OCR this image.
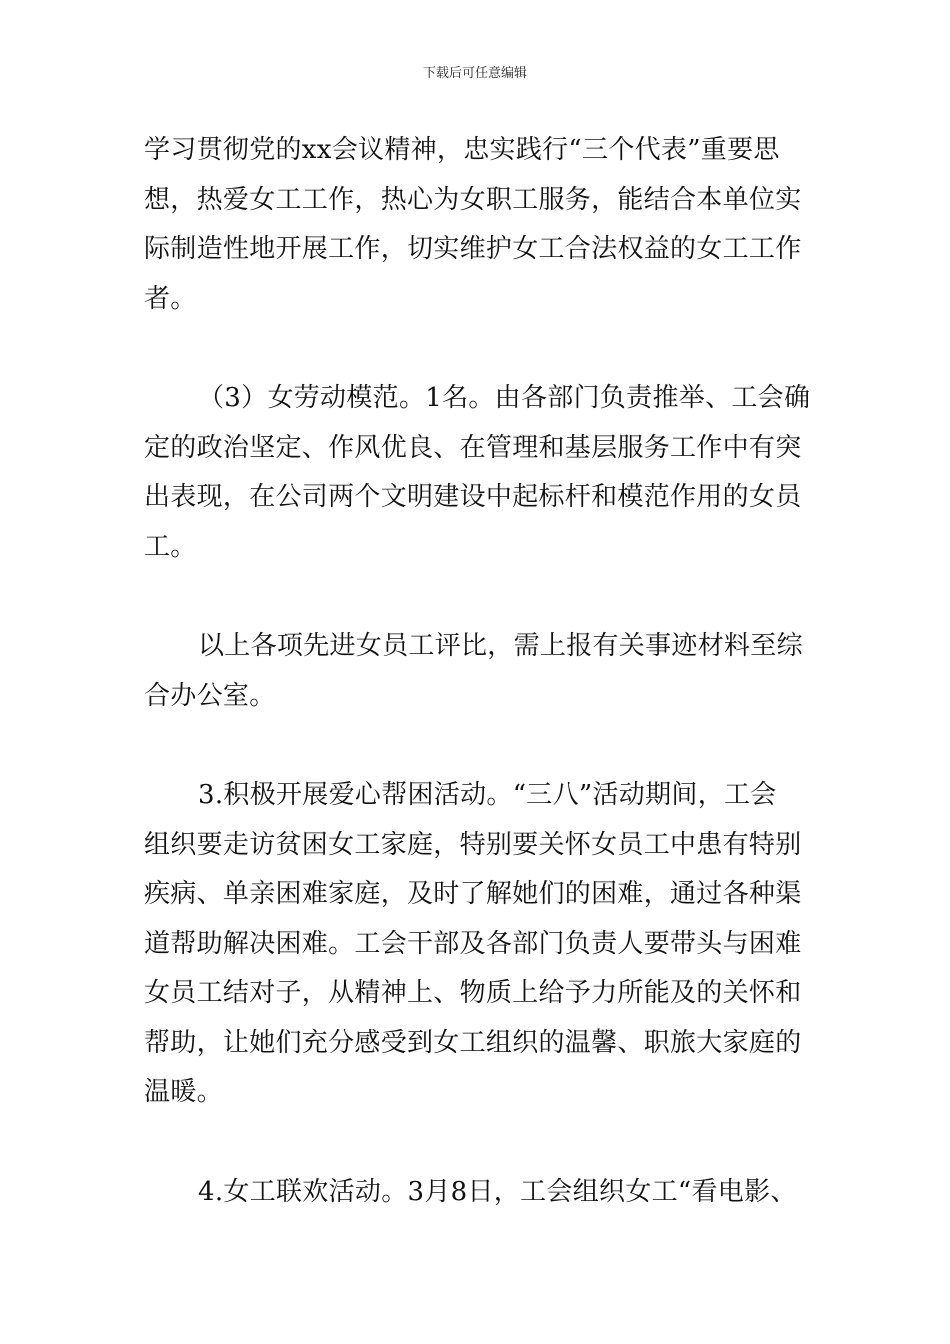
下载后可任意编辑
学习贯彻党的xx会议精神，忠实践行“三个代表”重要思
想，热爱女工工作，热心为女职工服务，能结合本单位实
际制造性地开展工作，切实维护女工合法权益的女工工作
者。
（3）女劳动模范。1名。由各部门负责推举、工会确
定的政治坚定、作风优良、在管理和基层服务工作中有突
出表现，在公司两个文明建设中起标杆和模范作用的女员
工。
以上各项先进女员工评比，需上报有关事迹材料至综
合办公室。
3.积极开展爱心帮困活动。“三八”活动期间，工会
组织要走访贫困女工家庭，特别要关怀女员工中患有特别
疾病、单亲困难家庭，及时了解她们的困难，通过各种渠
道帮助解决困难。工会干部及各部门负责人要带头与困难
女员工结对子，从精神上、物质上给予力所能及的关怀和
帮助，让她们充分感受到女工组织的温馨、职旅大家庭的
温暖。
4.女工联欢活动。3月8日，工会组织女工“看电影、
